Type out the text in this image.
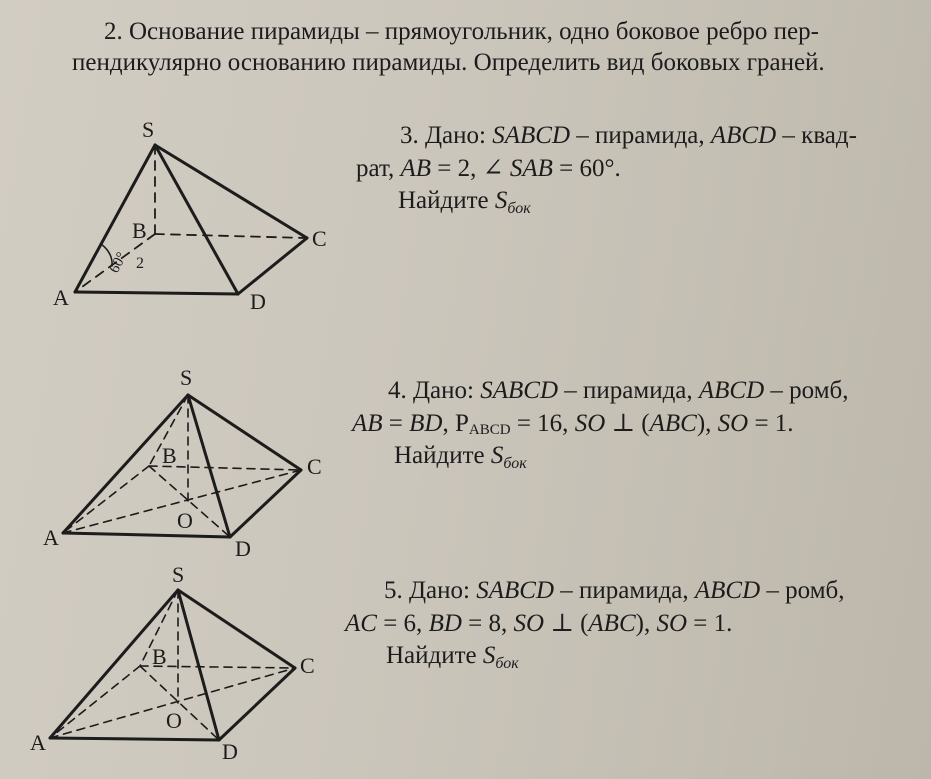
2. Основание пирамиды – прямоугольник, одно боковое ребро пер-
пендикулярно основанию пирамиды. Определить вид боковых граней.
3. Дано: SABCD – пирамида, ABCD – квад-
рат, AB = 2, ∠ SAB = 60°.
Найдите $S_{бок}$
4. Дано: SABCD – пирамида, ABCD – ромб,
AB = BD, PABCD = 16, SO ⊥ (ABC), SO = 1.
Найдите $S_{бок}$
5. Дано: SABCD – пирамида, ABCD – ромб,
AC = 6, BD = 8, SO ⊥ (ABC), SO = 1.
Найдите $S_{бок}$
S
B	C
A	D
60° 2
S
B	C
A	D
O
S
B	C
A	D
O
